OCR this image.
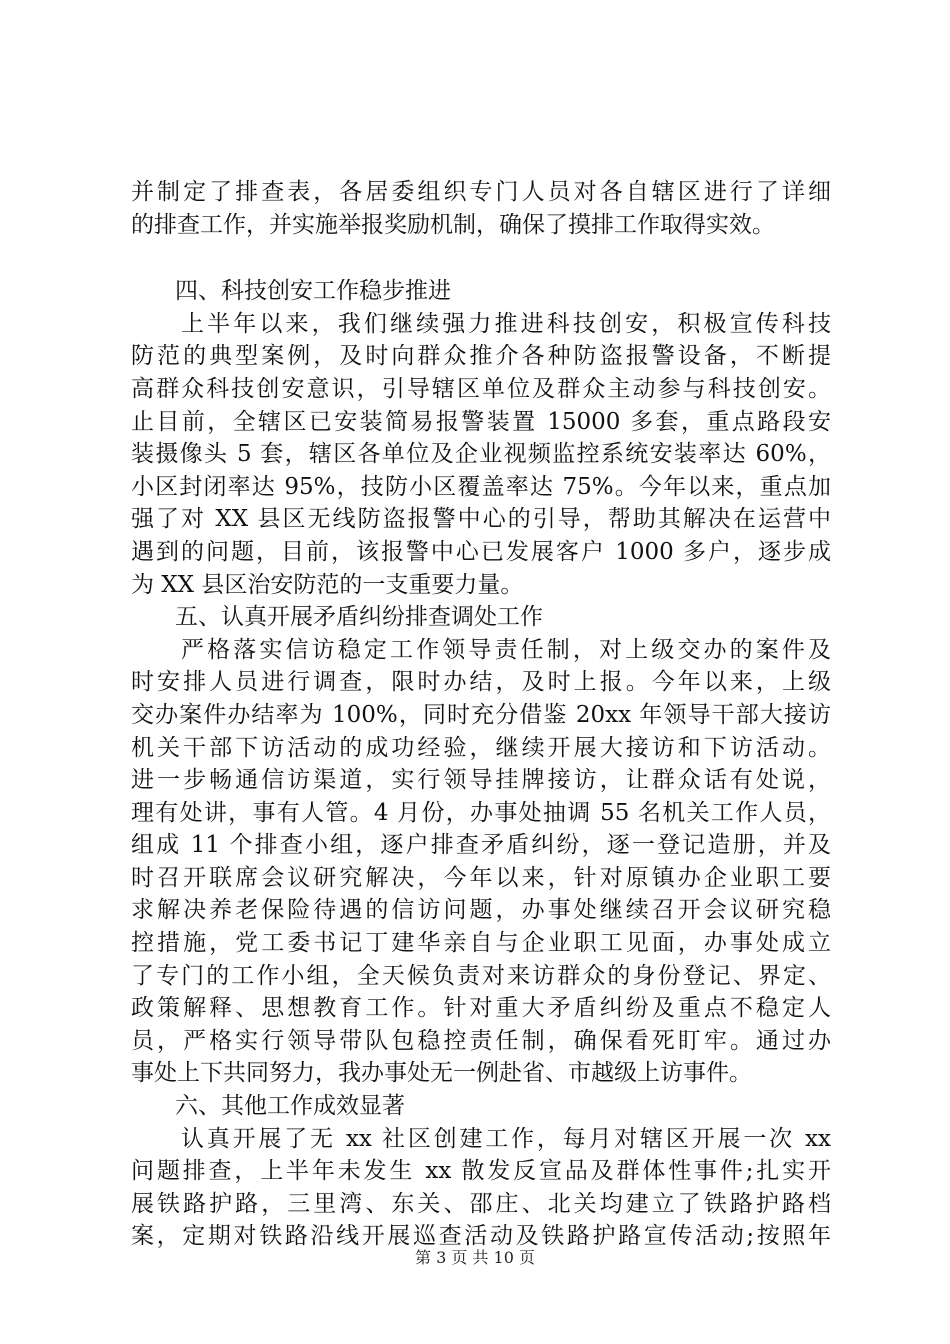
并制定了排查表，各居委组织专门人员对各自辖区进行了详细
的排查工作，并实施举报奖励机制，确保了摸排工作取得实效。
四、科技创安工作稳步推进
上半年以来，我们继续强力推进科技创安，积极宣传科技
防范的典型案例，及时向群众推介各种防盗报警设备，不断提
高群众科技创安意识，引导辖区单位及群众主动参与科技创安。
止目前，全辖区已安装简易报警装置 15000 多套，重点路段安
装摄像头 5 套，辖区各单位及企业视频监控系统安装率达 60%，
小区封闭率达 95%，技防小区覆盖率达 75%。今年以来，重点加
强了对 XX 县区无线防盗报警中心的引导，帮助其解决在运营中
遇到的问题，目前，该报警中心已发展客户 1000 多户，逐步成
为 XX 县区治安防范的一支重要力量。
五、认真开展矛盾纠纷排查调处工作
严格落实信访稳定工作领导责任制，对上级交办的案件及
时安排人员进行调查，限时办结，及时上报。今年以来，上级
交办案件办结率为 100%，同时充分借鉴 20xx 年领导干部大接访
机关干部下访活动的成功经验，继续开展大接访和下访活动。
进一步畅通信访渠道，实行领导挂牌接访，让群众话有处说，
理有处讲，事有人管。4 月份，办事处抽调 55 名机关工作人员，
组成 11 个排查小组，逐户排查矛盾纠纷，逐一登记造册，并及
时召开联席会议研究解决，今年以来，针对原镇办企业职工要
求解决养老保险待遇的信访问题，办事处继续召开会议研究稳
控措施，党工委书记丁建华亲自与企业职工见面，办事处成立
了专门的工作小组，全天候负责对来访群众的身份登记、界定、
政策解释、思想教育工作。针对重大矛盾纠纷及重点不稳定人
员，严格实行领导带队包稳控责任制，确保看死盯牢。通过办
事处上下共同努力，我办事处无一例赴省、市越级上访事件。
六、其他工作成效显著
认真开展了无 xx 社区创建工作，每月对辖区开展一次 xx
问题排查，上半年未发生 xx 散发反宣品及群体性事件;扎实开
展铁路护路，三里湾、东关、邵庄、北关均建立了铁路护路档
案，定期对铁路沿线开展巡查活动及铁路护路宣传活动;按照年
第 3 页 共 10 页
